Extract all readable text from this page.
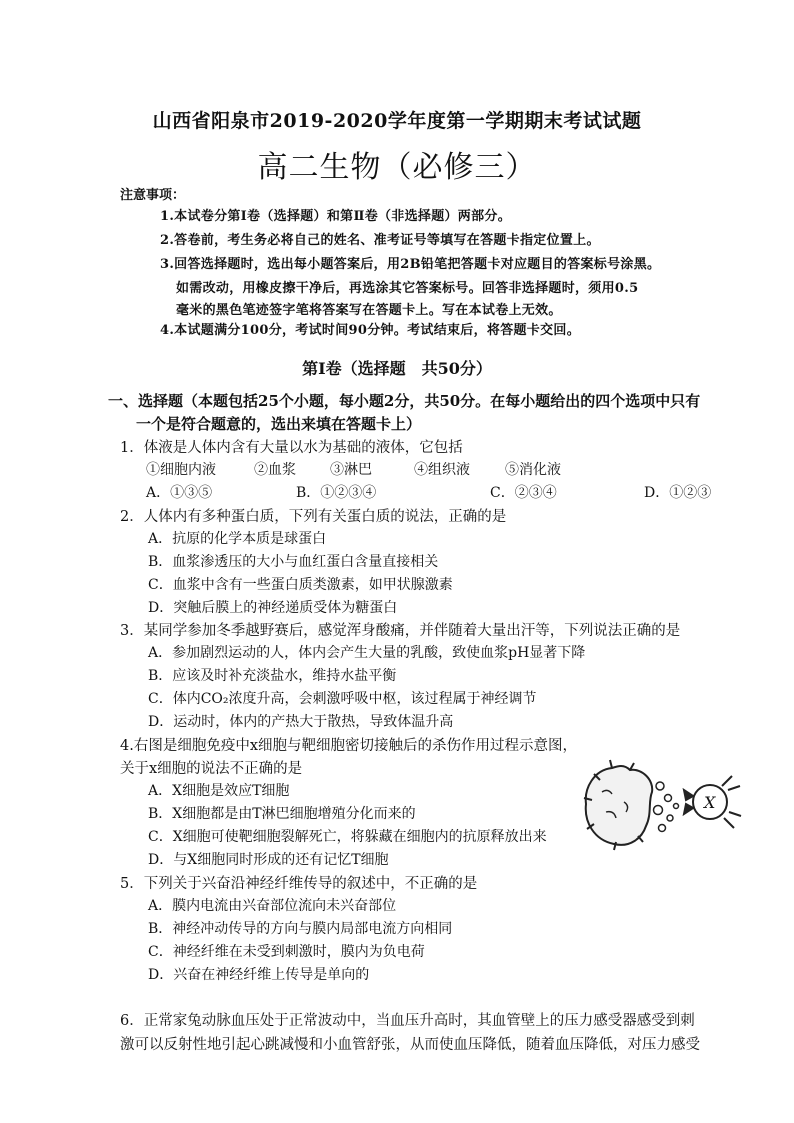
山西省阳泉市2019-2020学年度第一学期期末考试试题
高二生物（必修三）
注意事项：
1.本试卷分第Ⅰ卷（选择题）和第Ⅱ卷（非选择题）两部分。
2.答卷前，考生务必将自己的姓名、准考证号等填写在答题卡指定位置上。
3.回答选择题时，选出每小题答案后，用2B铅笔把答题卡对应题目的答案标号涂黑。
如需改动，用橡皮擦干净后，再选涂其它答案标号。回答非选择题时，须用0.5
毫米的黑色笔迹签字笔将答案写在答题卡上。写在本试卷上无效。
4.本试题满分100分，考试时间90分钟。考试结束后，将答题卡交回。
第Ⅰ卷（选择题　共50分）
一、选择题（本题包括25个小题，每小题2分，共50分。在每小题给出的四个选项中只有
一个是符合题意的，选出来填在答题卡上）
1．体液是人体内含有大量以水为基础的液体，它包括
①细胞内液	②血浆 ③淋巴	④组织液	⑤消化液
A．①③⑤	B．①②③④	C．②③④	D．①②③
2．人体内有多种蛋白质，下列有关蛋白质的说法，正确的是
A．抗原的化学本质是球蛋白
B．血浆渗透压的大小与血红蛋白含量直接相关
C．血浆中含有一些蛋白质类激素，如甲状腺激素
D．突触后膜上的神经递质受体为糖蛋白
3．某同学参加冬季越野赛后，感觉浑身酸痛，并伴随着大量出汗等，下列说法正确的是
A．参加剧烈运动的人，体内会产生大量的乳酸，致使血浆pH显著下降
B．应该及时补充淡盐水，维持水盐平衡
C．体内CO₂浓度升高，会刺激呼吸中枢，该过程属于神经调节
D．运动时，体内的产热大于散热，导致体温升高
4.右图是细胞免疫中x细胞与靶细胞密切接触后的杀伤作用过程示意图，
关于x细胞的说法不正确的是
A．X细胞是效应T细胞
B．X细胞都是由T淋巴细胞增殖分化而来的
C．X细胞可使靶细胞裂解死亡，将躲藏在细胞内的抗原释放出来
D．与X细胞同时形成的还有记忆T细胞
X
5．下列关于兴奋沿神经纤维传导的叙述中，不正确的是
A．膜内电流由兴奋部位流向未兴奋部位
B．神经冲动传导的方向与膜内局部电流方向相同
C．神经纤维在未受到刺激时，膜内为负电荷
D．兴奋在神经纤维上传导是单向的
6．正常家兔动脉血压处于正常波动中，当血压升高时，其血管壁上的压力感受器感受到刺
激可以反射性地引起心跳减慢和小血管舒张，从而使血压降低，随着血压降低，对压力感受
